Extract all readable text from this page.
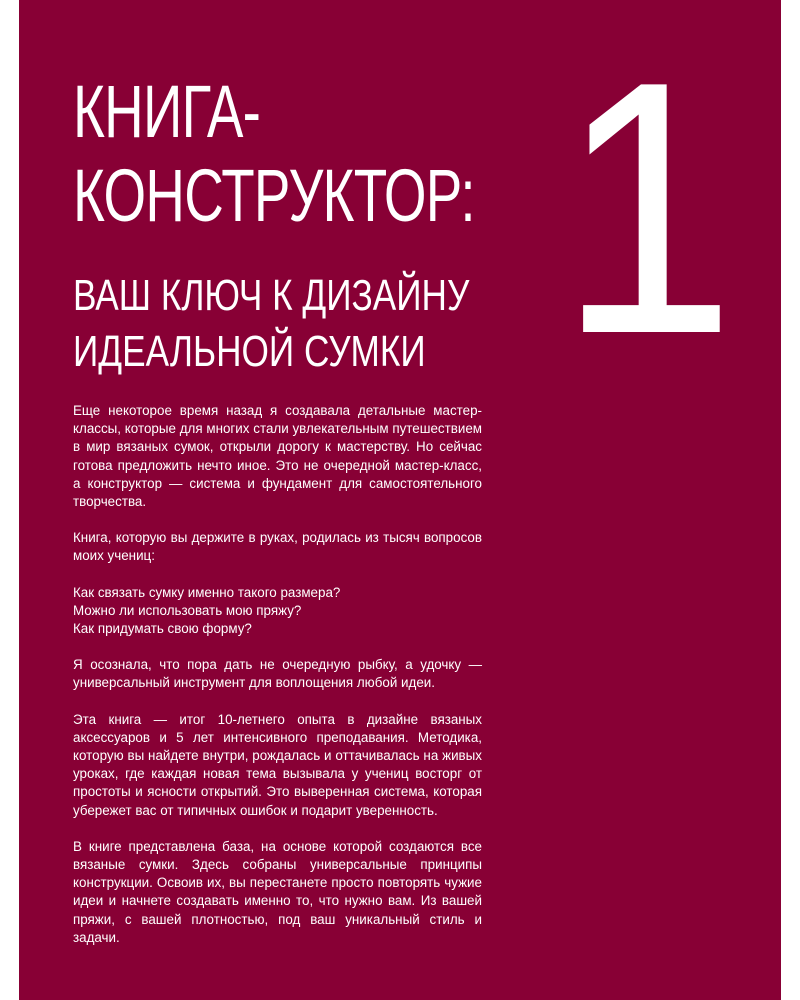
КНИГА-
КОНСТРУКТОР:
ВАШ КЛЮЧ К ДИЗАЙНУ
ИДЕАЛЬНОЙ СУМКИ 1

Еще некоторое время назад я создавала детальные мастер-классы, которые для многих стали увлекательным путешествием в мир вязаных сумок, открыли дорогу к мастерству. Но сейчас готова предложить нечто иное. Это не очередной мастер-класс, а конструктор — система и фундамент для самостоятельного творчества.

Книга, которую вы держите в руках, родилась из тысяч вопросов моих учениц:

Как связать сумку именно такого размера?
Можно ли использовать мою пряжу?
Как придумать свою форму?

Я осознала, что пора дать не очередную рыбку, а удочку — универсальный инструмент для воплощения любой идеи.

Эта книга — итог 10-летнего опыта в дизайне вязаных аксессуаров и 5 лет интенсивного преподавания. Методика, которую вы найдете внутри, рождалась и оттачивалась на живых уроках, где каждая новая тема вызывала у учениц восторг от простоты и ясности открытий. Это выверенная система, которая убережет вас от типичных ошибок и подарит уверенность.

В книге представлена база, на основе которой создаются все вязаные сумки. Здесь собраны универсальные принципы конструкции. Освоив их, вы перестанете просто повторять чужие идеи и начнете создавать именно то, что нужно вам. Из вашей пряжи, с вашей плотностью, под ваш уникальный стиль и задачи.
